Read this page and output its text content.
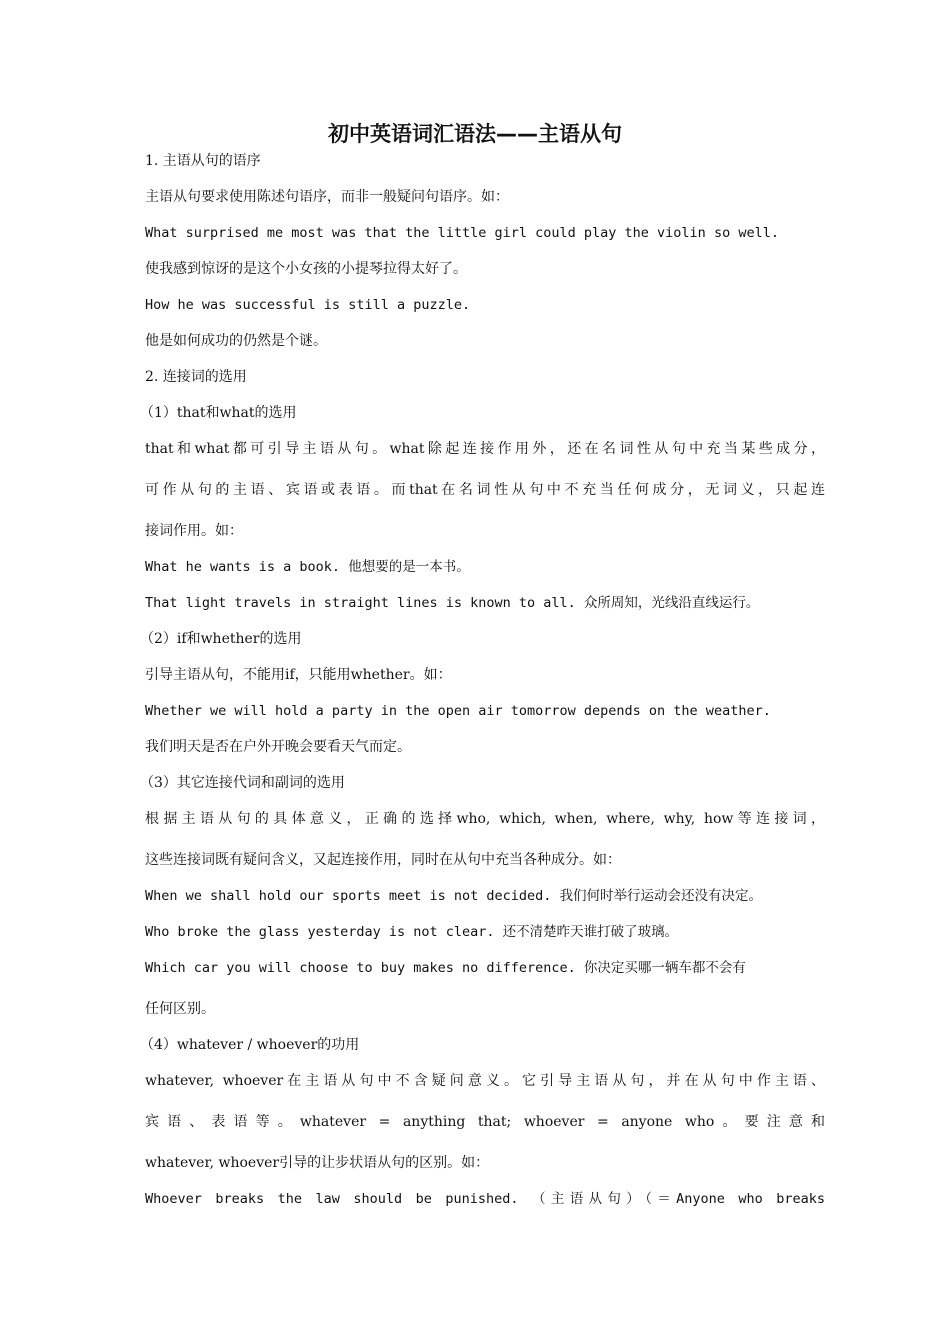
初中英语词汇语法——主语从句

1. 主语从句的语序

主语从句要求使用陈述句语序，而非一般疑问句语序。如：

What surprised me most was that the little girl could play the violin so well.

使我感到惊讶的是这个小女孩的小提琴拉得太好了。

How he was successful is still a puzzle.

他是如何成功的仍然是个谜。

2. 连接词的选用

（1）that和what的选用

that和what都可引导主语从句。what除起连接作用外，还在名词性从句中充当某些成分，

可作从句的主语、宾语或表语。而that在名词性从句中不充当任何成分，无词义，只起连

接词作用。如：

What he wants is a book. 他想要的是一本书。

That light travels in straight lines is known to all. 众所周知，光线沿直线运行。

（2）if和whether的选用

引导主语从句，不能用if，只能用whether。如：

Whether we will hold a party in the open air tomorrow depends on the weather.

我们明天是否在户外开晚会要看天气而定。

（3）其它连接代词和副词的选用

根据主语从句的具体意义，正确的选择who, which, when, where, why, how等连接词，

这些连接词既有疑问含义，又起连接作用，同时在从句中充当各种成分。如：

When we shall hold our sports meet is not decided. 我们何时举行运动会还没有决定。

Who broke the glass yesterday is not clear. 还不清楚昨天谁打破了玻璃。

Which car you will choose to buy makes no difference. 你决定买哪一辆车都不会有

任何区别。

（4）whatever / whoever的功用

whatever, whoever在主语从句中不含疑问意义。它引导主语从句，并在从句中作主语、

宾语、表语等。whatever = anything that; whoever = anyone who。要注意和

whatever, whoever引导的让步状语从句的区别。如：

Whoever breaks the law should be punished. （主语从句）（＝Anyone who breaks
